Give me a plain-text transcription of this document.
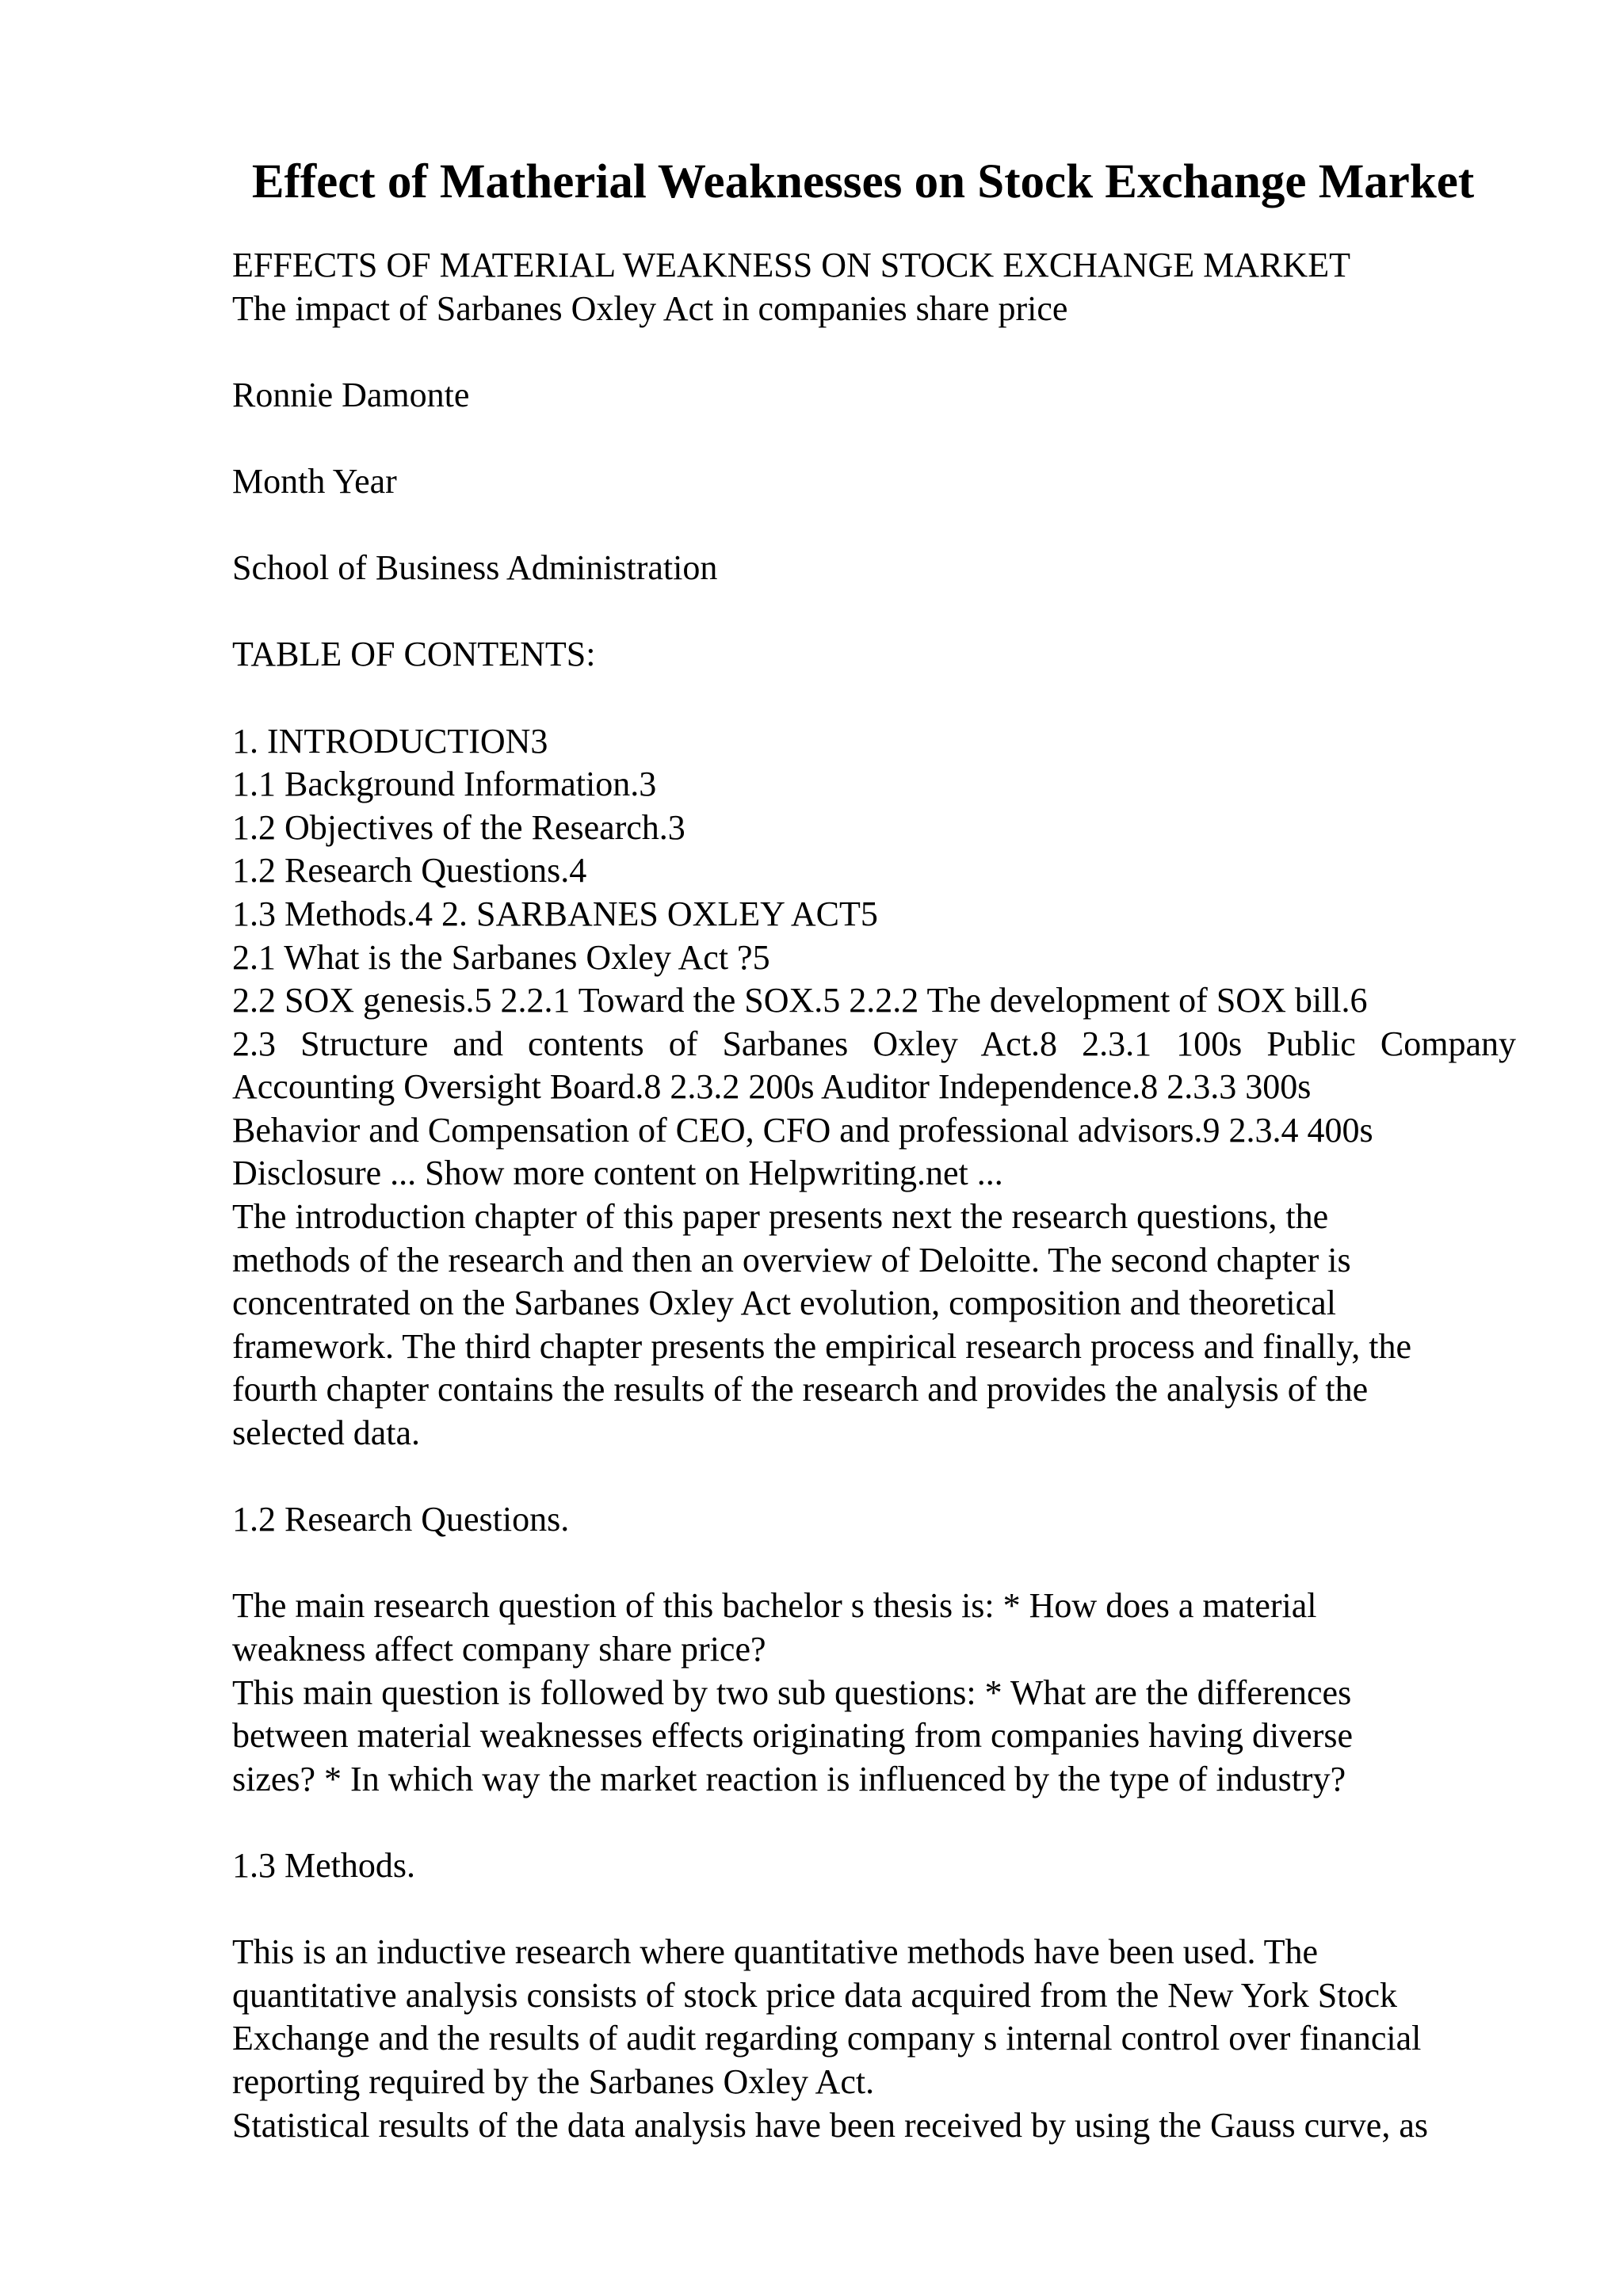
Effect of Matherial Weaknesses on Stock Exchange Market
EFFECTS OF MATERIAL WEAKNESS ON STOCK EXCHANGE MARKET
The impact of Sarbanes Oxley Act in companies share price
Ronnie Damonte
Month Year
School of Business Administration
TABLE OF CONTENTS:
1. INTRODUCTION3
1.1 Background Information.3
1.2 Objectives of the Research.3
1.2 Research Questions.4
1.3 Methods.4 2. SARBANES OXLEY ACT5
2.1 What is the Sarbanes Oxley Act ?5
2.2 SOX genesis.5 2.2.1 Toward the SOX.5 2.2.2 The development of SOX bill.6
2.3 Structure and contents of Sarbanes Oxley Act.8 2.3.1 100s Public Company
Accounting Oversight Board.8 2.3.2 200s Auditor Independence.8 2.3.3 300s
Behavior and Compensation of CEO, CFO and professional advisors.9 2.3.4 400s
Disclosure ... Show more content on Helpwriting.net ...
The introduction chapter of this paper presents next the research questions, the
methods of the research and then an overview of Deloitte. The second chapter is
concentrated on the Sarbanes Oxley Act evolution, composition and theoretical
framework. The third chapter presents the empirical research process and finally, the
fourth chapter contains the results of the research and provides the analysis of the
selected data.
1.2 Research Questions.
The main research question of this bachelor s thesis is: * How does a material
weakness affect company share price?
This main question is followed by two sub questions: * What are the differences
between material weaknesses effects originating from companies having diverse
sizes? * In which way the market reaction is influenced by the type of industry?
1.3 Methods.
This is an inductive research where quantitative methods have been used. The
quantitative analysis consists of stock price data acquired from the New York Stock
Exchange and the results of audit regarding company s internal control over financial
reporting required by the Sarbanes Oxley Act.
Statistical results of the data analysis have been received by using the Gauss curve, as
